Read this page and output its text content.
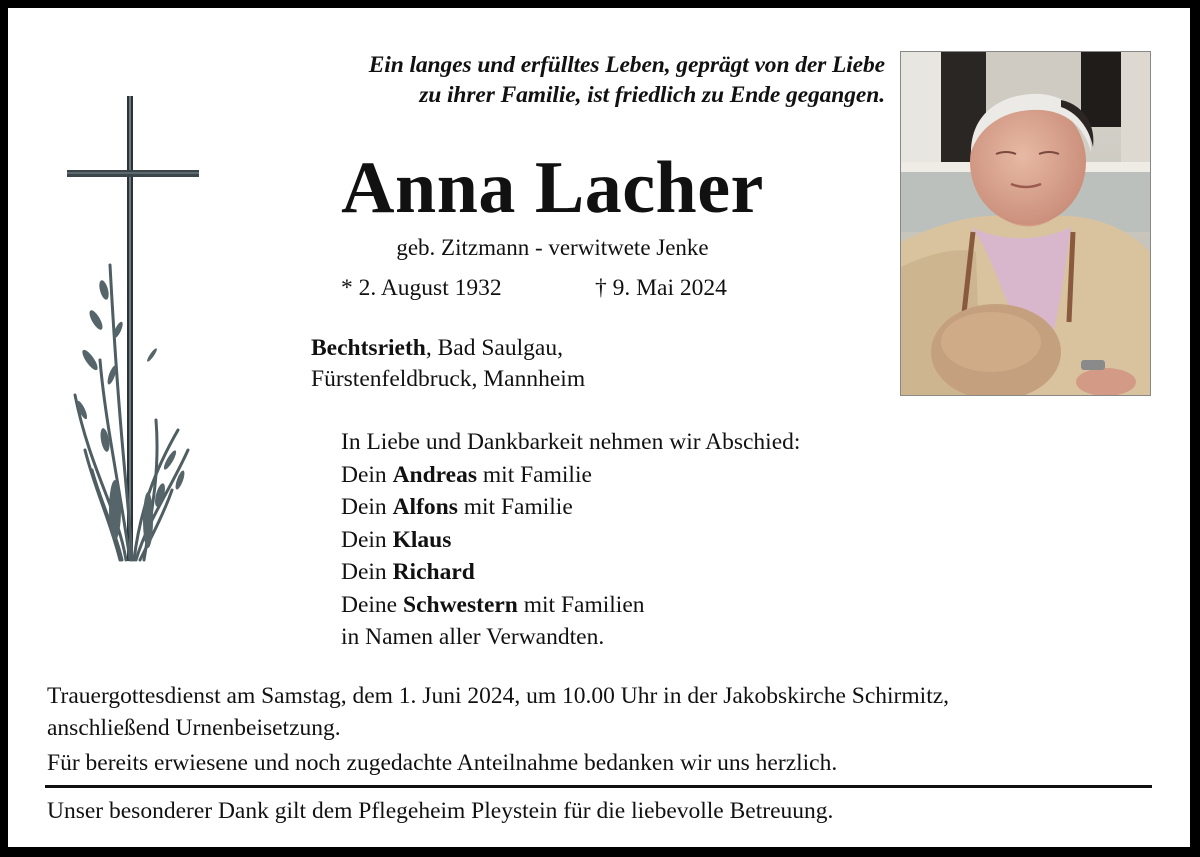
Ein langes und erfülltes Leben, geprägt von der Liebe
zu ihrer Familie, ist friedlich zu Ende gegangen.
Anna Lacher
geb. Zitzmann - verwitwete Jenke
* 2. August 1932	† 9. Mai 2024
Bechtsrieth, Bad Saulgau,
Fürstenfeldbruck, Mannheim
In Liebe und Dankbarkeit nehmen wir Abschied:
Dein Andreas mit Familie
Dein Alfons mit Familie
Dein Klaus
Dein Richard
Deine Schwestern mit Familien
in Namen aller Verwandten.
Trauergottesdienst am Samstag, dem 1. Juni 2024, um 10.00 Uhr in der Jakobskirche Schirmitz,
anschließend Urnenbeisetzung.
Für bereits erwiesene und noch zugedachte Anteilnahme bedanken wir uns herzlich.
Unser besonderer Dank gilt dem Pflegeheim Pleystein für die liebevolle Betreuung.
